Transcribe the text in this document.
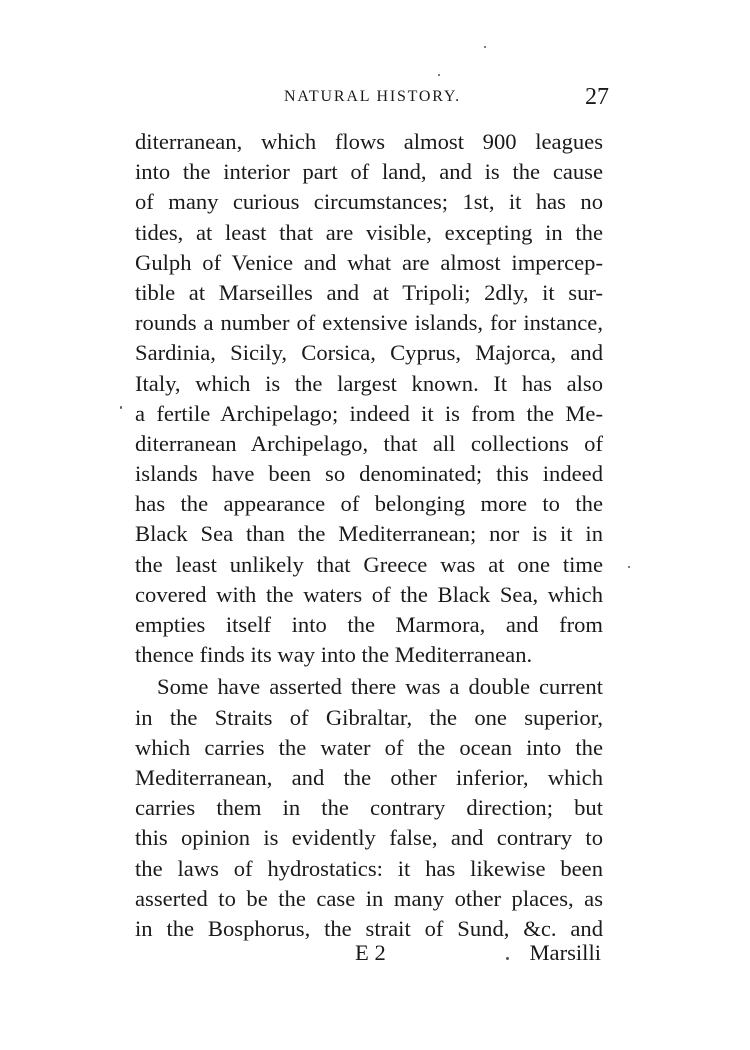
NATURAL HISTORY.	27
diterranean, which flows almost 900 leagues
into the interior part of land, and is the cause
of many curious circumstances; 1st, it has no
tides, at least that are visible, excepting in the
Gulph of Venice and what are almost impercep-
tible at Marseilles and at Tripoli; 2dly, it sur-
rounds a number of extensive islands, for instance,
Sardinia, Sicily, Corsica, Cyprus, Majorca, and
Italy, which is the largest known. It has also
a fertile Archipelago; indeed it is from the Me-
diterranean Archipelago, that all collections of
islands have been so denominated; this indeed
has the appearance of belonging more to the
Black Sea than the Mediterranean; nor is it in
the least unlikely that Greece was at one time
covered with the waters of the Black Sea, which
empties itself into the Marmora, and from
thence finds its way into the Mediterranean.
Some have asserted there was a double current
in the Straits of Gibraltar, the one superior,
which carries the water of the ocean into the
Mediterranean, and the other inferior, which
carries them in the contrary direction; but
this opinion is evidently false, and contrary to
the laws of hydrostatics: it has likewise been
asserted to be the case in many other places, as
in the Bosphorus, the strait of Sund, &c. and
E 2	Marsilli
